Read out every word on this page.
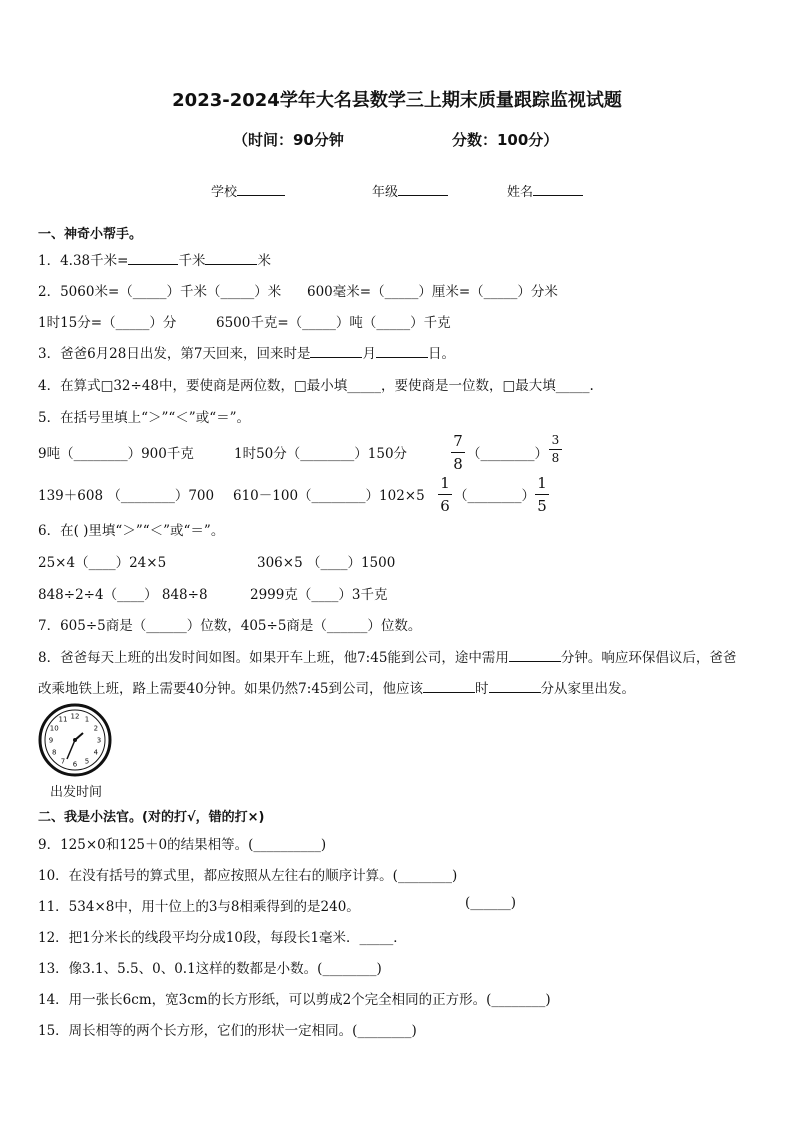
2023-2024学年大名县数学三上期末质量跟踪监视试题
（时间：90分钟	分数：100分）
学校	年级	姓名
一、神奇小帮手。
1．4.38千米=	千米	米
2．5060米=（_____）千米（_____）米 600毫米=（_____）厘米=（_____）分米
1时15分=（_____）分	6500千克=（_____）吨（_____）千克
3．爸爸6月28日出发，第7天回来，回来时是	月	日。
4．在算式□32÷48中，要使商是两位数，□最小填_____，要使商是一位数，□最大填_____.
5．在括号里填上“＞”“＜”或“＝”。
9吨（________）900千克	1时50分（________）150分
7
8
（________）
3
8
139＋608 （________）700 610－100（________）102×5
1
6
（________）
1
5
6．在( )里填“＞”“＜”或“＝”。
25×4（____）24×5	306×5 （____）1500
848÷2÷4（____） 848÷8	2999克（____）3千克
7．605÷5商是（______）位数，405÷5商是（______）位数。
8．爸爸每天上班的出发时间如图。如果开车上班，他7:45能到公司，途中需用	分钟。响应环保倡议后，爸爸
改乘地铁上班，路上需要40分钟。如果仍然7:45到公司，他应该	时	分从家里出发。
12 1
2
3
4
5
6
7
8
9
10
11
出发时间
二、我是小法官。(对的打√，错的打×)
9．125×0和125＋0的结果相等。(__________)
10．在没有括号的算式里，都应按照从左往右的顺序计算。(________)
11．534×8中，用十位上的3与8相乘得到的是240。	(______)
12．把1分米长的线段平均分成10段，每段长1毫米．_____．
13．像3.1、5.5、0、0.1这样的数都是小数。(________)
14．用一张长6cm，宽3cm的长方形纸，可以剪成2个完全相同的正方形。(________)
15．周长相等的两个长方形，它们的形状一定相同。(________)
